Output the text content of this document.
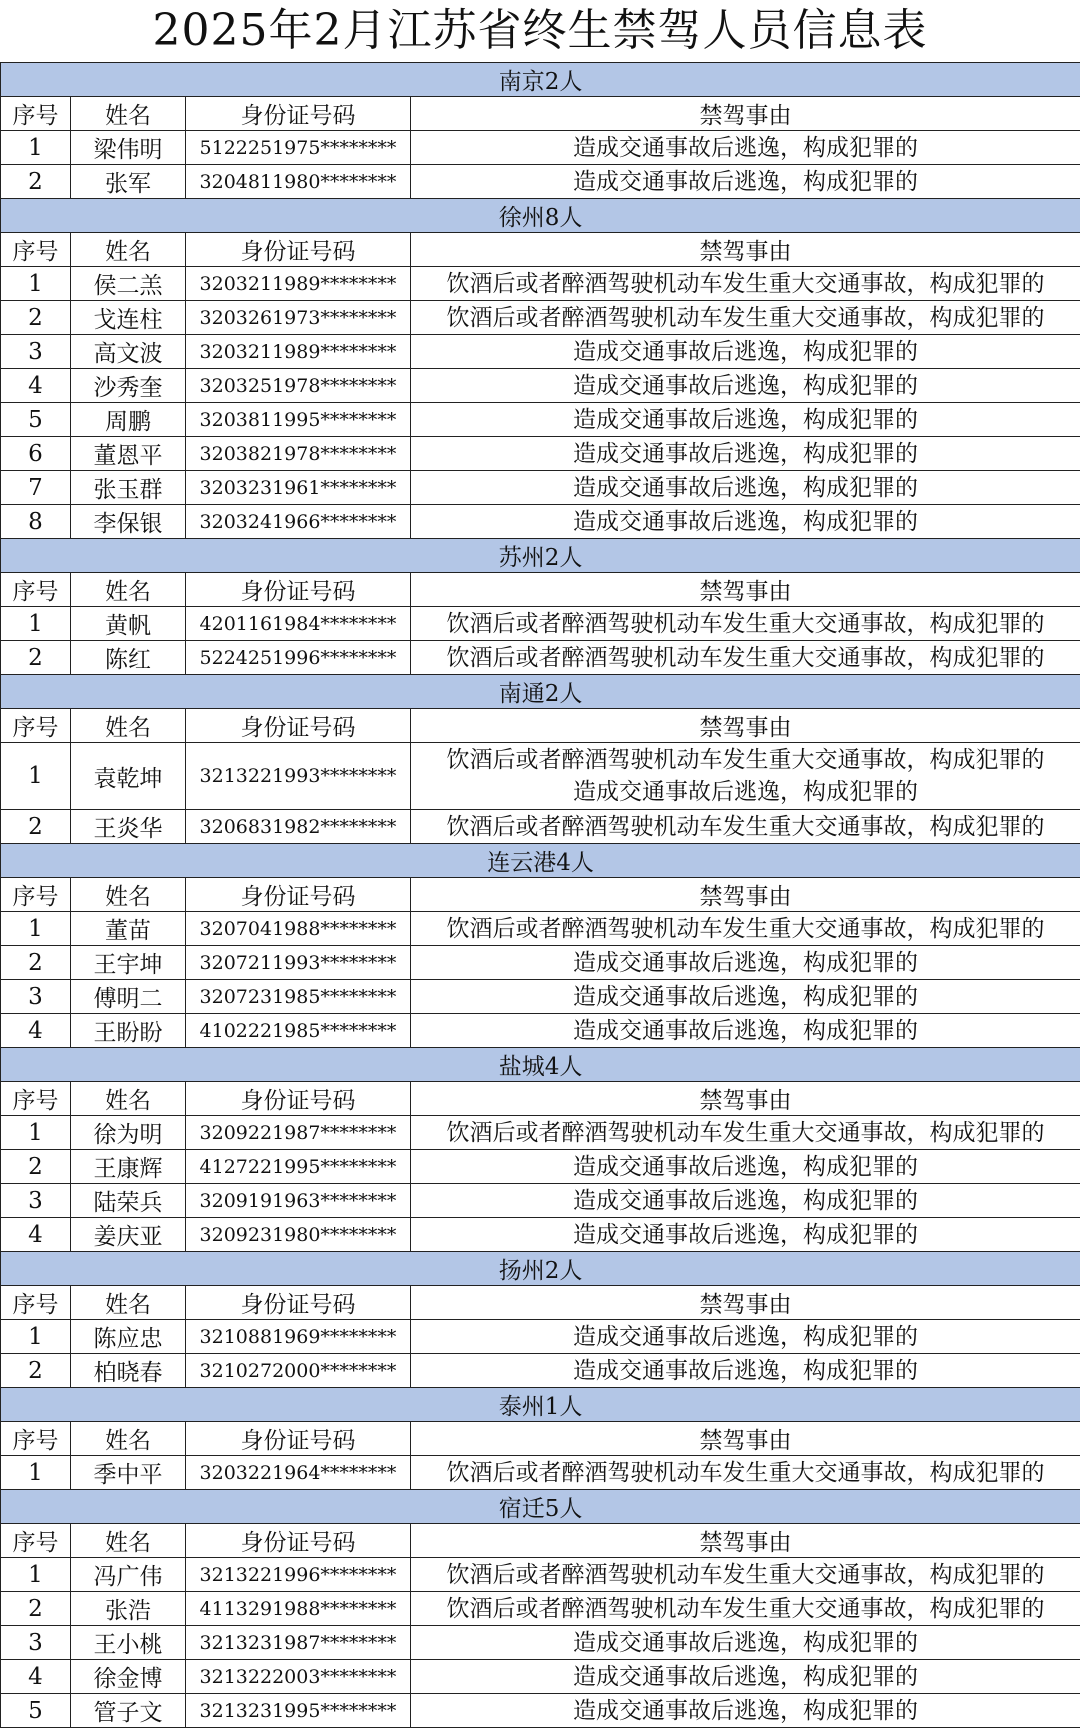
2025年2月江苏省终生禁驾人员信息表
南京2人			
序号	姓名	身份证号码	禁驾事由
1	梁伟明	5122251975********	造成交通事故后逃逸，构成犯罪的

2	张军	3204811980********	造成交通事故后逃逸，构成犯罪的

徐州8人			
序号	姓名	身份证号码	禁驾事由
1	侯二羔	3203211989********	饮酒后或者醉酒驾驶机动车发生重大交通事故，构成犯罪的

2	戈连柱	3203261973********	饮酒后或者醉酒驾驶机动车发生重大交通事故，构成犯罪的

3	高文波	3203211989********	造成交通事故后逃逸，构成犯罪的

4	沙秀奎	3203251978********	造成交通事故后逃逸，构成犯罪的

5	周鹏	3203811995********	造成交通事故后逃逸，构成犯罪的

6	董恩平	3203821978********	造成交通事故后逃逸，构成犯罪的

7	张玉群	3203231961********	造成交通事故后逃逸，构成犯罪的

8	李保银	3203241966********	造成交通事故后逃逸，构成犯罪的

苏州2人			
序号	姓名	身份证号码	禁驾事由
1	黄帆	4201161984********	饮酒后或者醉酒驾驶机动车发生重大交通事故，构成犯罪的

2	陈红	5224251996********	饮酒后或者醉酒驾驶机动车发生重大交通事故，构成犯罪的

南通2人			
序号	姓名	身份证号码	禁驾事由
1	袁乾坤	3213221993********	饮酒后或者醉酒驾驶机动车发生重大交通事故，构成犯罪的
造成交通事故后逃逸，构成犯罪的

2	王炎华	3206831982********	饮酒后或者醉酒驾驶机动车发生重大交通事故，构成犯罪的

连云港4人			
序号	姓名	身份证号码	禁驾事由
1	董苗	3207041988********	饮酒后或者醉酒驾驶机动车发生重大交通事故，构成犯罪的

2	王宇坤	3207211993********	造成交通事故后逃逸，构成犯罪的

3	傅明二	3207231985********	造成交通事故后逃逸，构成犯罪的

4	王盼盼	4102221985********	造成交通事故后逃逸，构成犯罪的

盐城4人			
序号	姓名	身份证号码	禁驾事由
1	徐为明	3209221987********	饮酒后或者醉酒驾驶机动车发生重大交通事故，构成犯罪的

2	王康辉	4127221995********	造成交通事故后逃逸，构成犯罪的

3	陆荣兵	3209191963********	造成交通事故后逃逸，构成犯罪的

4	姜庆亚	3209231980********	造成交通事故后逃逸，构成犯罪的

扬州2人			
序号	姓名	身份证号码	禁驾事由
1	陈应忠	3210881969********	造成交通事故后逃逸，构成犯罪的

2	柏晓春	3210272000********	造成交通事故后逃逸，构成犯罪的

泰州1人			
序号	姓名	身份证号码	禁驾事由
1	季中平	3203221964********	饮酒后或者醉酒驾驶机动车发生重大交通事故，构成犯罪的

宿迁5人			
序号	姓名	身份证号码	禁驾事由
1	冯广伟	3213221996********	饮酒后或者醉酒驾驶机动车发生重大交通事故，构成犯罪的

2	张浩	4113291988********	饮酒后或者醉酒驾驶机动车发生重大交通事故，构成犯罪的

3	王小桃	3213231987********	造成交通事故后逃逸，构成犯罪的

4	徐金博	3213222003********	造成交通事故后逃逸，构成犯罪的

5	管子文	3213231995********	造成交通事故后逃逸，构成犯罪的
